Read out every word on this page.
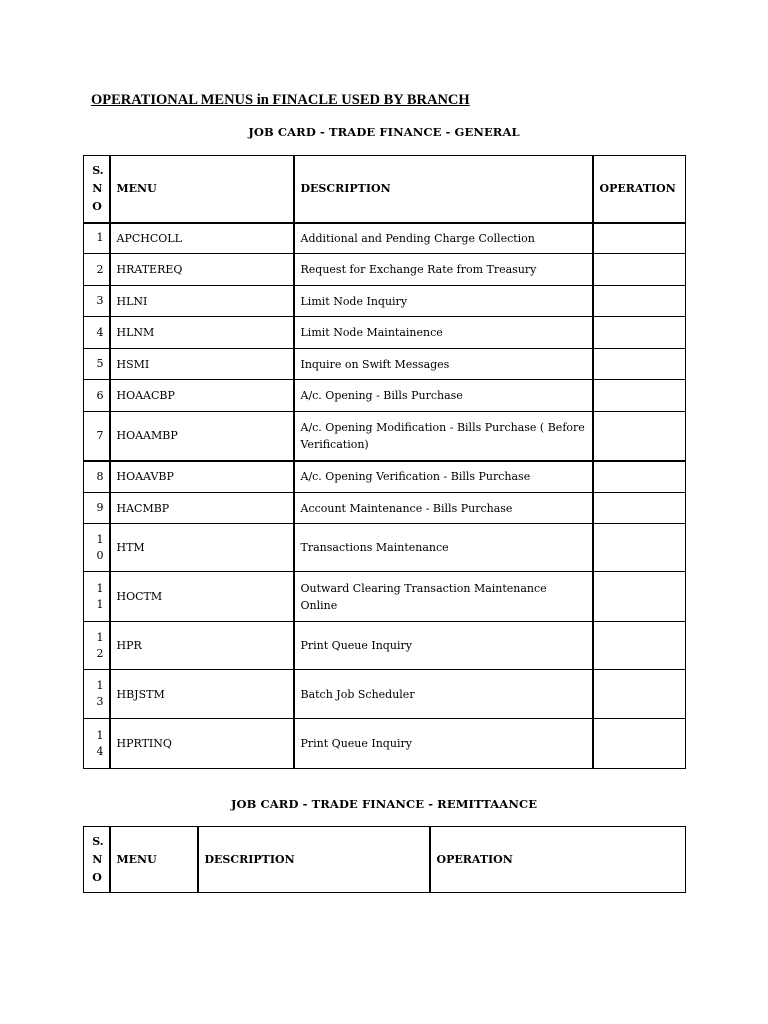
OPERATIONAL MENUS in FINACLE USED BY BRANCH
JOB CARD - TRADE FINANCE - GENERAL
S.
N
O	MENU	DESCRIPTION	OPERATION
1	APCHCOLL	Additional and Pending Charge Collection	
2	HRATEREQ	Request for Exchange Rate from Treasury	
3	HLNI	Limit Node Inquiry	
4	HLNM	Limit Node Maintainence	
5	HSMI	Inquire on Swift Messages	
6	HOAACBP	A/c. Opening - Bills Purchase	
7	HOAAMBP	A/c. Opening Modification - Bills Purchase ( Before Verification)	
8	HOAAVBP	A/c. Opening Verification - Bills Purchase	
9	HACMBP	Account Maintenance - Bills Purchase	
1
0	HTM	Transactions Maintenance	
1
1	HOCTM	Outward Clearing Transaction Maintenance Online	
1
2	HPR	Print Queue Inquiry	
1
3	HBJSTM	Batch Job Scheduler	
1
4	HPRTINQ	Print Queue Inquiry	
JOB CARD - TRADE FINANCE - REMITTAANCE
S.
N
O	MENU	DESCRIPTION	OPERATION
